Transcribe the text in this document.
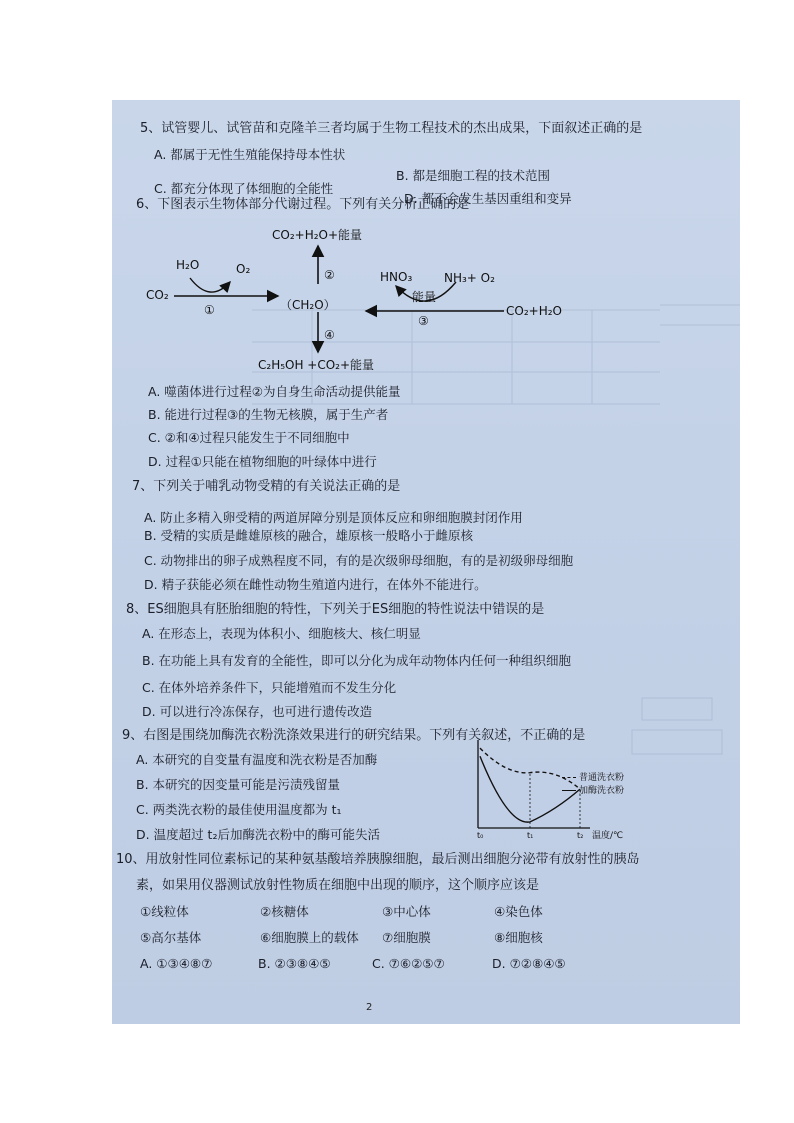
5、试管婴儿、试管苗和克隆羊三者均属于生物工程技术的杰出成果，下面叙述正确的是
A. 都属于无性生殖能保持母本性状
B. 都是细胞工程的技术范围
C. 都充分体现了体细胞的全能性
D. 都不会发生基因重组和变异
6、下图表示生物体部分代谢过程。下列有关分析正确的是
CO₂+H₂O+能量
H₂O	O₂
CO₂
①	（CH₂O）
②
④
HNO₃	NH₃+ O₂
能量
③
CO₂+H₂O
C₂H₅OH +CO₂+能量
A. 噬菌体进行过程②为自身生命活动提供能量
B. 能进行过程③的生物无核膜，属于生产者
C. ②和④过程只能发生于不同细胞中
D. 过程①只能在植物细胞的叶绿体中进行
7、下列关于哺乳动物受精的有关说法正确的是
A. 防止多精入卵受精的两道屏障分别是顶体反应和卵细胞膜封闭作用
B. 受精的实质是雌雄原核的融合，雄原核一般略小于雌原核
C. 动物排出的卵子成熟程度不同，有的是次级卵母细胞，有的是初级卵母细胞
D. 精子获能必须在雌性动物生殖道内进行，在体外不能进行。
8、ES细胞具有胚胎细胞的特性，下列关于ES细胞的特性说法中错误的是
A. 在形态上，表现为体积小、细胞核大、核仁明显
B. 在功能上具有发育的全能性，即可以分化为成年动物体内任何一种组织细胞
C. 在体外培养条件下，只能增殖而不发生分化
D. 可以进行冷冻保存，也可进行遗传改造
9、右图是围绕加酶洗衣粉洗涤效果进行的研究结果。下列有关叙述，不正确的是
A. 本研究的自变量有温度和洗衣粉是否加酶
B. 本研究的因变量可能是污渍残留量
C. 两类洗衣粉的最佳使用温度都为 t₁
D. 温度超过 t₂后加酶洗衣粉中的酶可能失活	t₀	t₁	t₂ 温度/℃
普通洗衣粉
加酶洗衣粉
10、用放射性同位素标记的某种氨基酸培养胰腺细胞，最后测出细胞分泌带有放射性的胰岛
素，如果用仪器测试放射性物质在细胞中出现的顺序，这个顺序应该是
①线粒体	②核糖体	③中心体	④染色体
⑤高尔基体	⑥细胞膜上的载体 ⑦细胞膜	⑧细胞核
A. ①③④⑧⑦	B. ②③⑧④⑤	C. ⑦⑥②⑤⑦	D. ⑦②⑧④⑤
2
